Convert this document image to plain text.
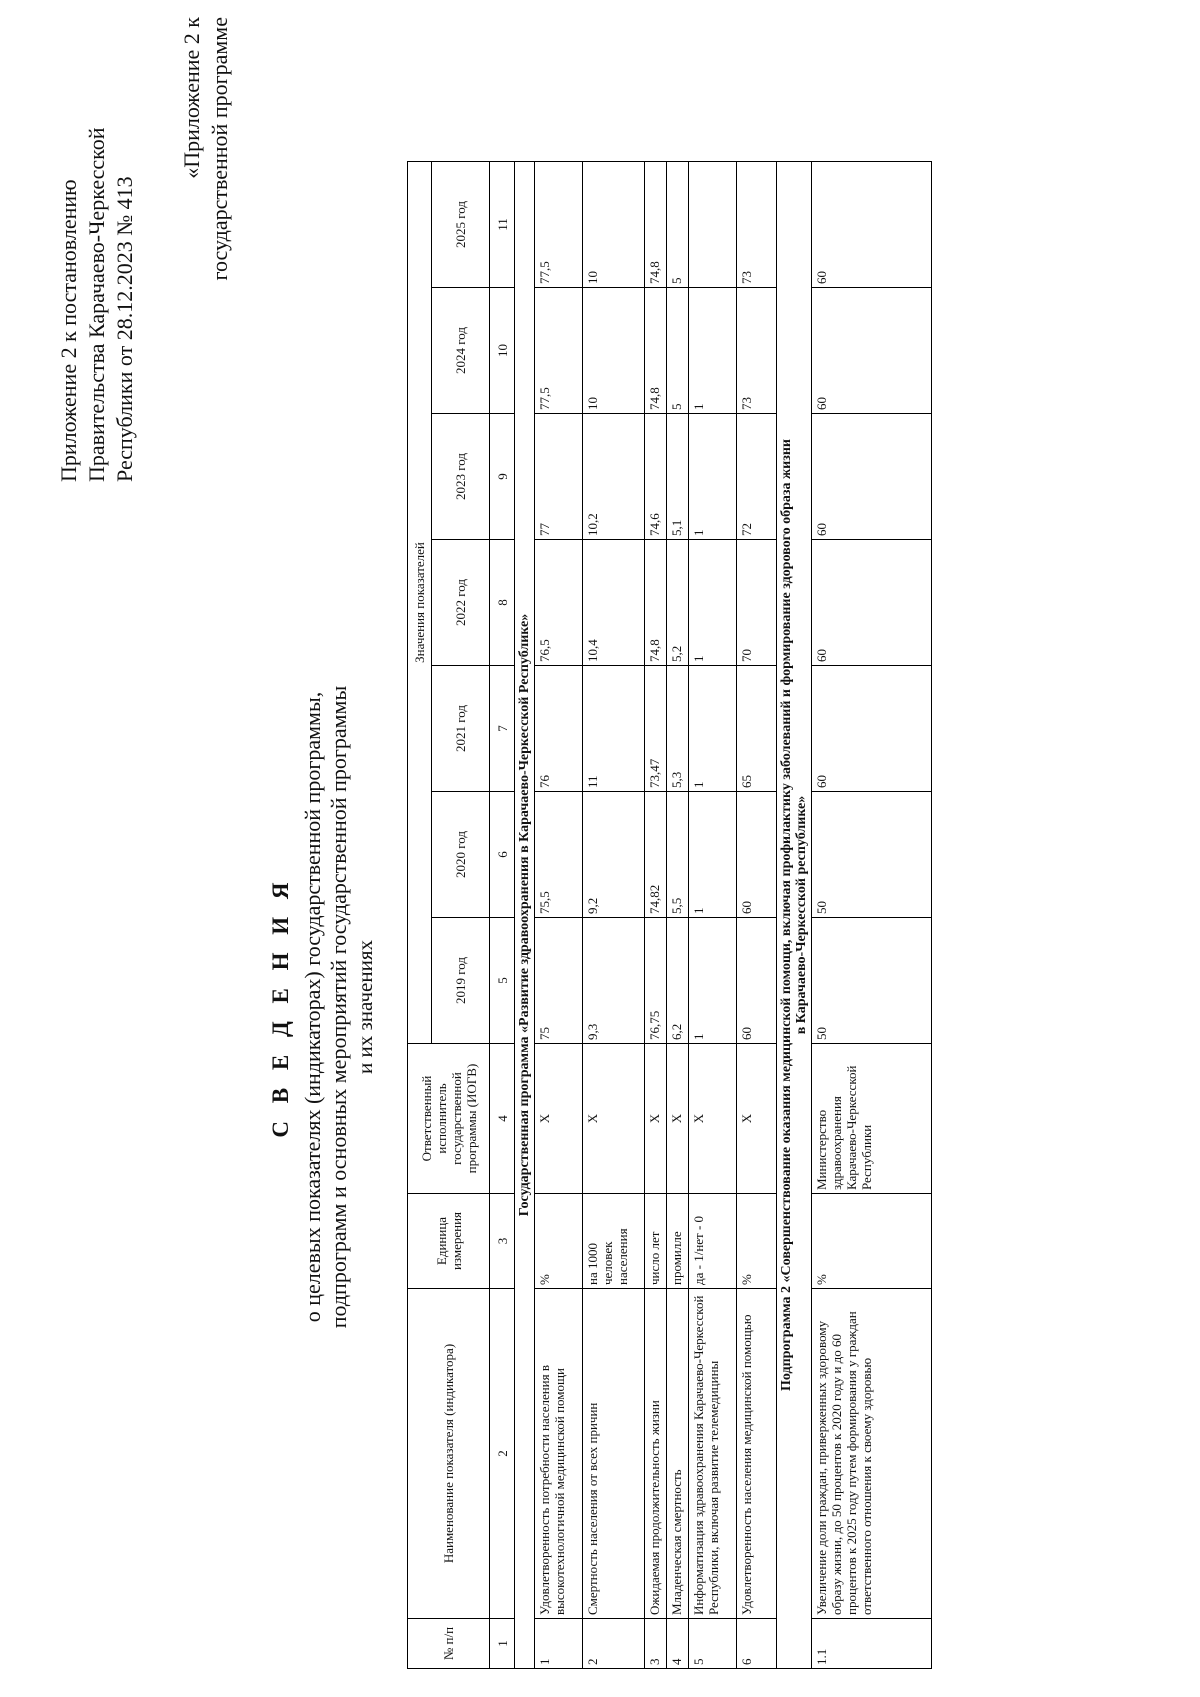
Приложение 2 к постановлению Правительства Карачаево-Черкесской Республики от 28.12.2023 № 413
«Приложение 2 к государственной программе
С В Е Д Е Н И Я о целевых показателях (индикаторах) государственной программы, подпрограмм и основных мероприятий государственной программы и их значениях
№ п/п	Наименование показателя (индикатора)	Единица измерения	Ответственный исполнитель государственной программы (ИОГВ)	Значения показателей						
				2019 год	2020 год	2021 год	2022 год	2023 год	2024 год	2025 год
1	2	3	4	5	6	7	8	9	10	11
Государственная программа «Развитие здравоохранения в Карачаево-Черкесской Республике»										
1	Удовлетворенность потребности населения в высокотехнологичной медицинской помощи	%	Х	75	75,5	76	76,5	77	77,5	77,5
2	Смертность населения от всех причин	на 1000 человек населения	Х	9,3	9,2	11	10,4	10,2	10	10
3	Ожидаемая продолжительность жизни	число лет	Х	76,75	74,82	73,47	74,8	74,6	74,8	74,8
4	Младенческая смертность	промилле	Х	6,2	5,5	5,3	5,2	5,1	5	5
5	Информатизация здравоохранения Карачаево-Черкесской Республики, включая развитие телемедицины	да - 1/нет - 0	Х	1	1	1	1	1	1	
6	Удовлетворенность населения медицинской помощью	%	Х	60	60	65	70	72	73	73

Подпрограмма 2 «Совершенствование оказания медицинской помощи, включая профилактику заболеваний и формирование здорового образа жизни в Карачаево-Черкесской республике»										

1.1	Увеличение доли граждан, приверженных здоровому образу жизни, до 50 процентов к 2020 году и до 60 процентов к 2025 году путем формирования у граждан ответственного отношения к своему здоровью	%	Министерство здравоохранения Карачаево-Черкесской Республики	50	50	60	60	60	60	60
